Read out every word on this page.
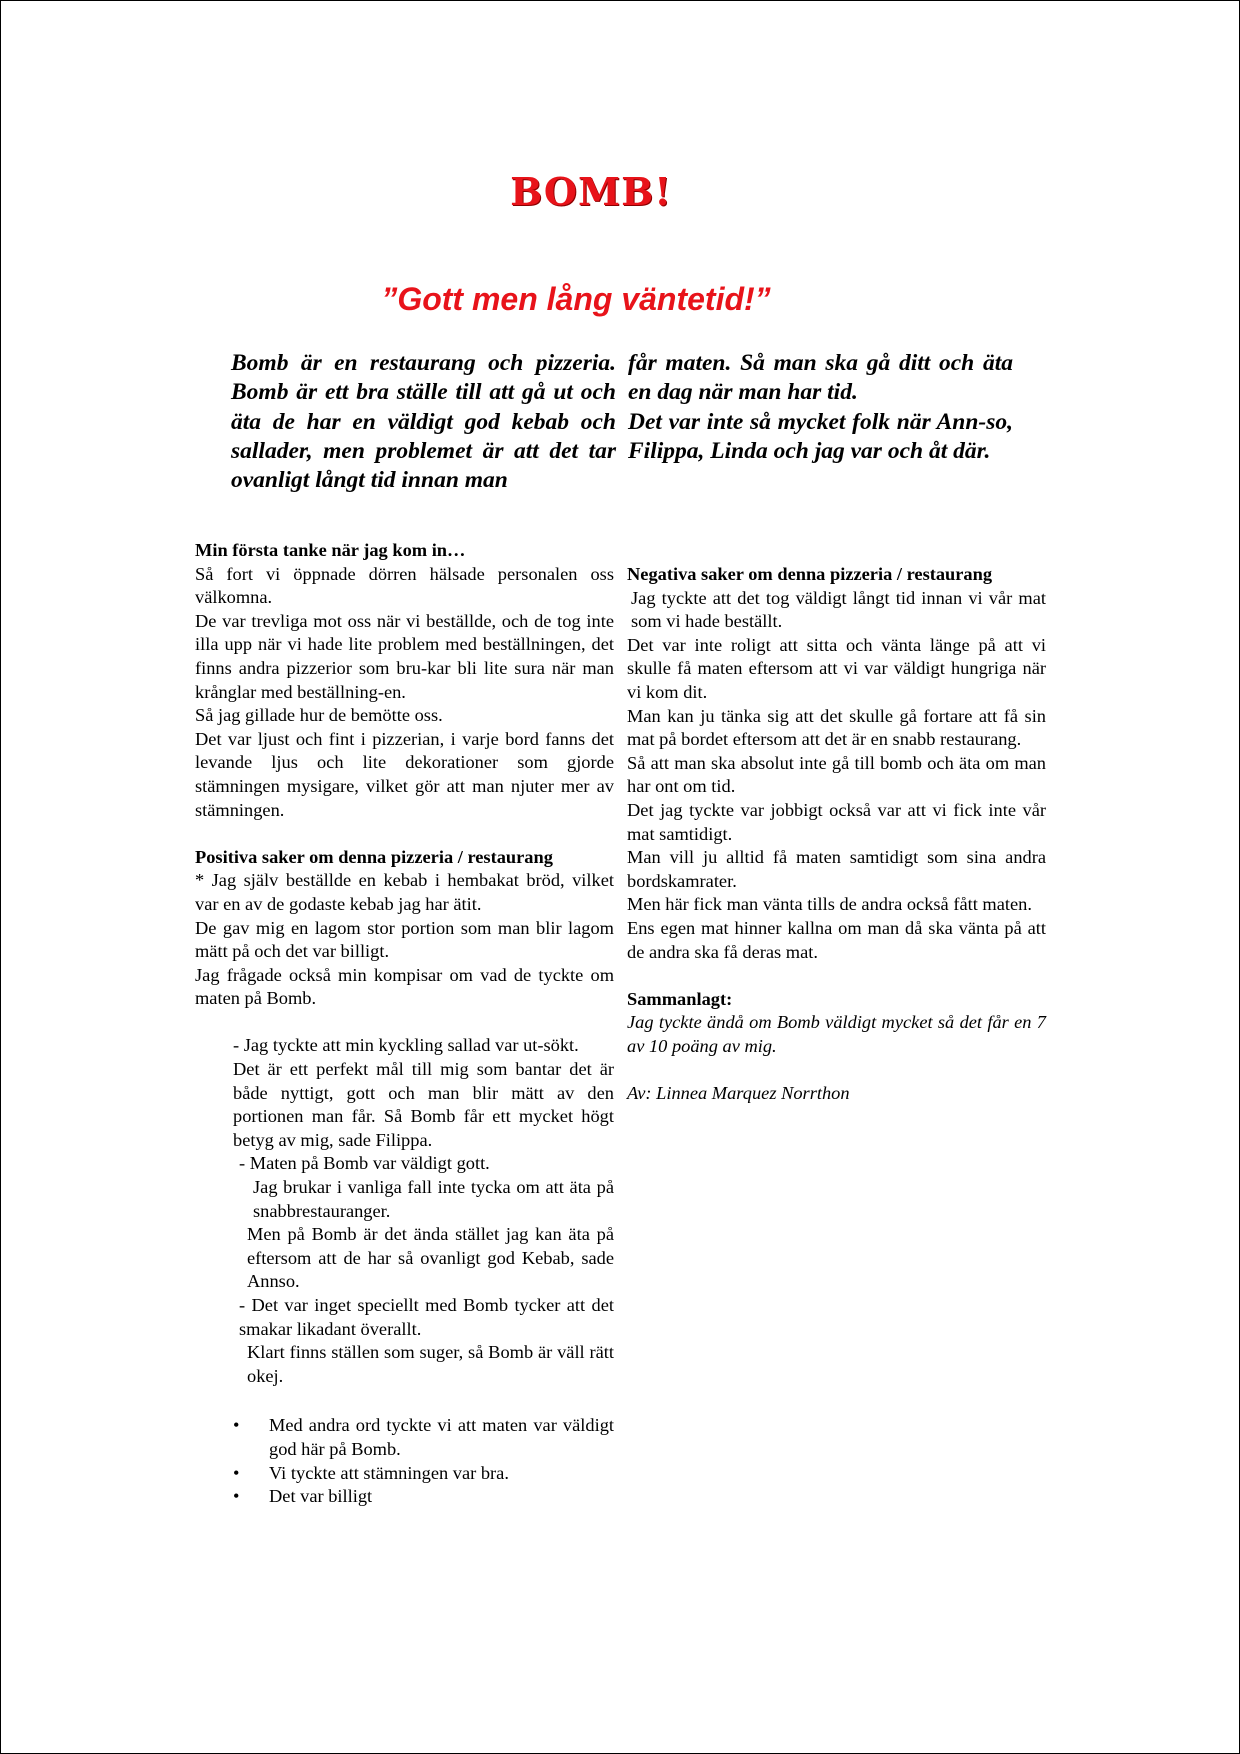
BOMB!
”Gott men lång väntetid!”

Bomb är en restaurang och pizzeria. Bomb är ett bra ställe till att gå ut och äta de har en väldigt god kebab och sallader, men problemet är att det tar ovanligt långt tid innan man

får maten. Så man ska gå ditt och äta en dag när man har tid.

Det var inte så mycket folk när Ann-so, Filippa, Linda och jag var och åt där.

Min första tanke när jag kom in…

Så fort vi öppnade dörren hälsade personalen oss välkomna.

De var trevliga mot oss när vi beställde, och de tog inte illa upp när vi hade lite problem med beställningen, det finns andra pizzerior som bru-kar bli lite sura när man krånglar med beställning-en.

Så jag gillade hur de bemötte oss.

Det var ljust och fint i pizzerian, i varje bord fanns det levande ljus och lite dekorationer som gjorde stämningen mysigare, vilket gör att man njuter mer av stämningen.

Positiva saker om denna pizzeria / restaurang

* Jag själv beställde en kebab i hembakat bröd, vilket var en av de godaste kebab jag har ätit.

De gav mig en lagom stor portion som man blir lagom mätt på och det var billigt.

Jag frågade också min kompisar om vad de tyckte om maten på Bomb.

- Jag tyckte att min kyckling sallad var ut-sökt.

Det är ett perfekt mål till mig som bantar det är både nyttigt, gott och man blir mätt av den portionen man får. Så Bomb får ett mycket högt betyg av mig, sade Filippa.

- Maten på Bomb var väldigt gott.

Jag brukar i vanliga fall inte tycka om att äta på snabbrestauranger.

Men på Bomb är det ända stället jag kan äta på eftersom att de har så ovanligt god Kebab, sade Annso.

- Det var inget speciellt med Bomb tycker att det smakar likadant överallt.

Klart finns ställen som suger, så Bomb är väll rätt okej.

• Med andra ord tyckte vi att maten var väldigt god här på Bomb.
• Vi tyckte att stämningen var bra.
• Det var billigt
Negativa saker om denna pizzeria / restaurang

Jag tyckte att det tog väldigt långt tid innan vi vår mat som vi hade beställt.

Det var inte roligt att sitta och vänta länge på att vi skulle få maten eftersom att vi var väldigt hungriga när vi kom dit.

Man kan ju tänka sig att det skulle gå fortare att få sin mat på bordet eftersom att det är en snabb restaurang.

Så att man ska absolut inte gå till bomb och äta om man har ont om tid.

Det jag tyckte var jobbigt också var att vi fick inte vår mat samtidigt.

Man vill ju alltid få maten samtidigt som sina andra bordskamrater.

Men här fick man vänta tills de andra också fått maten.

Ens egen mat hinner kallna om man då ska vänta på att de andra ska få deras mat.

Sammanlagt:

Jag tyckte ändå om Bomb väldigt mycket så det får en 7 av 10 poäng av mig.

Av: Linnea Marquez Norrthon
